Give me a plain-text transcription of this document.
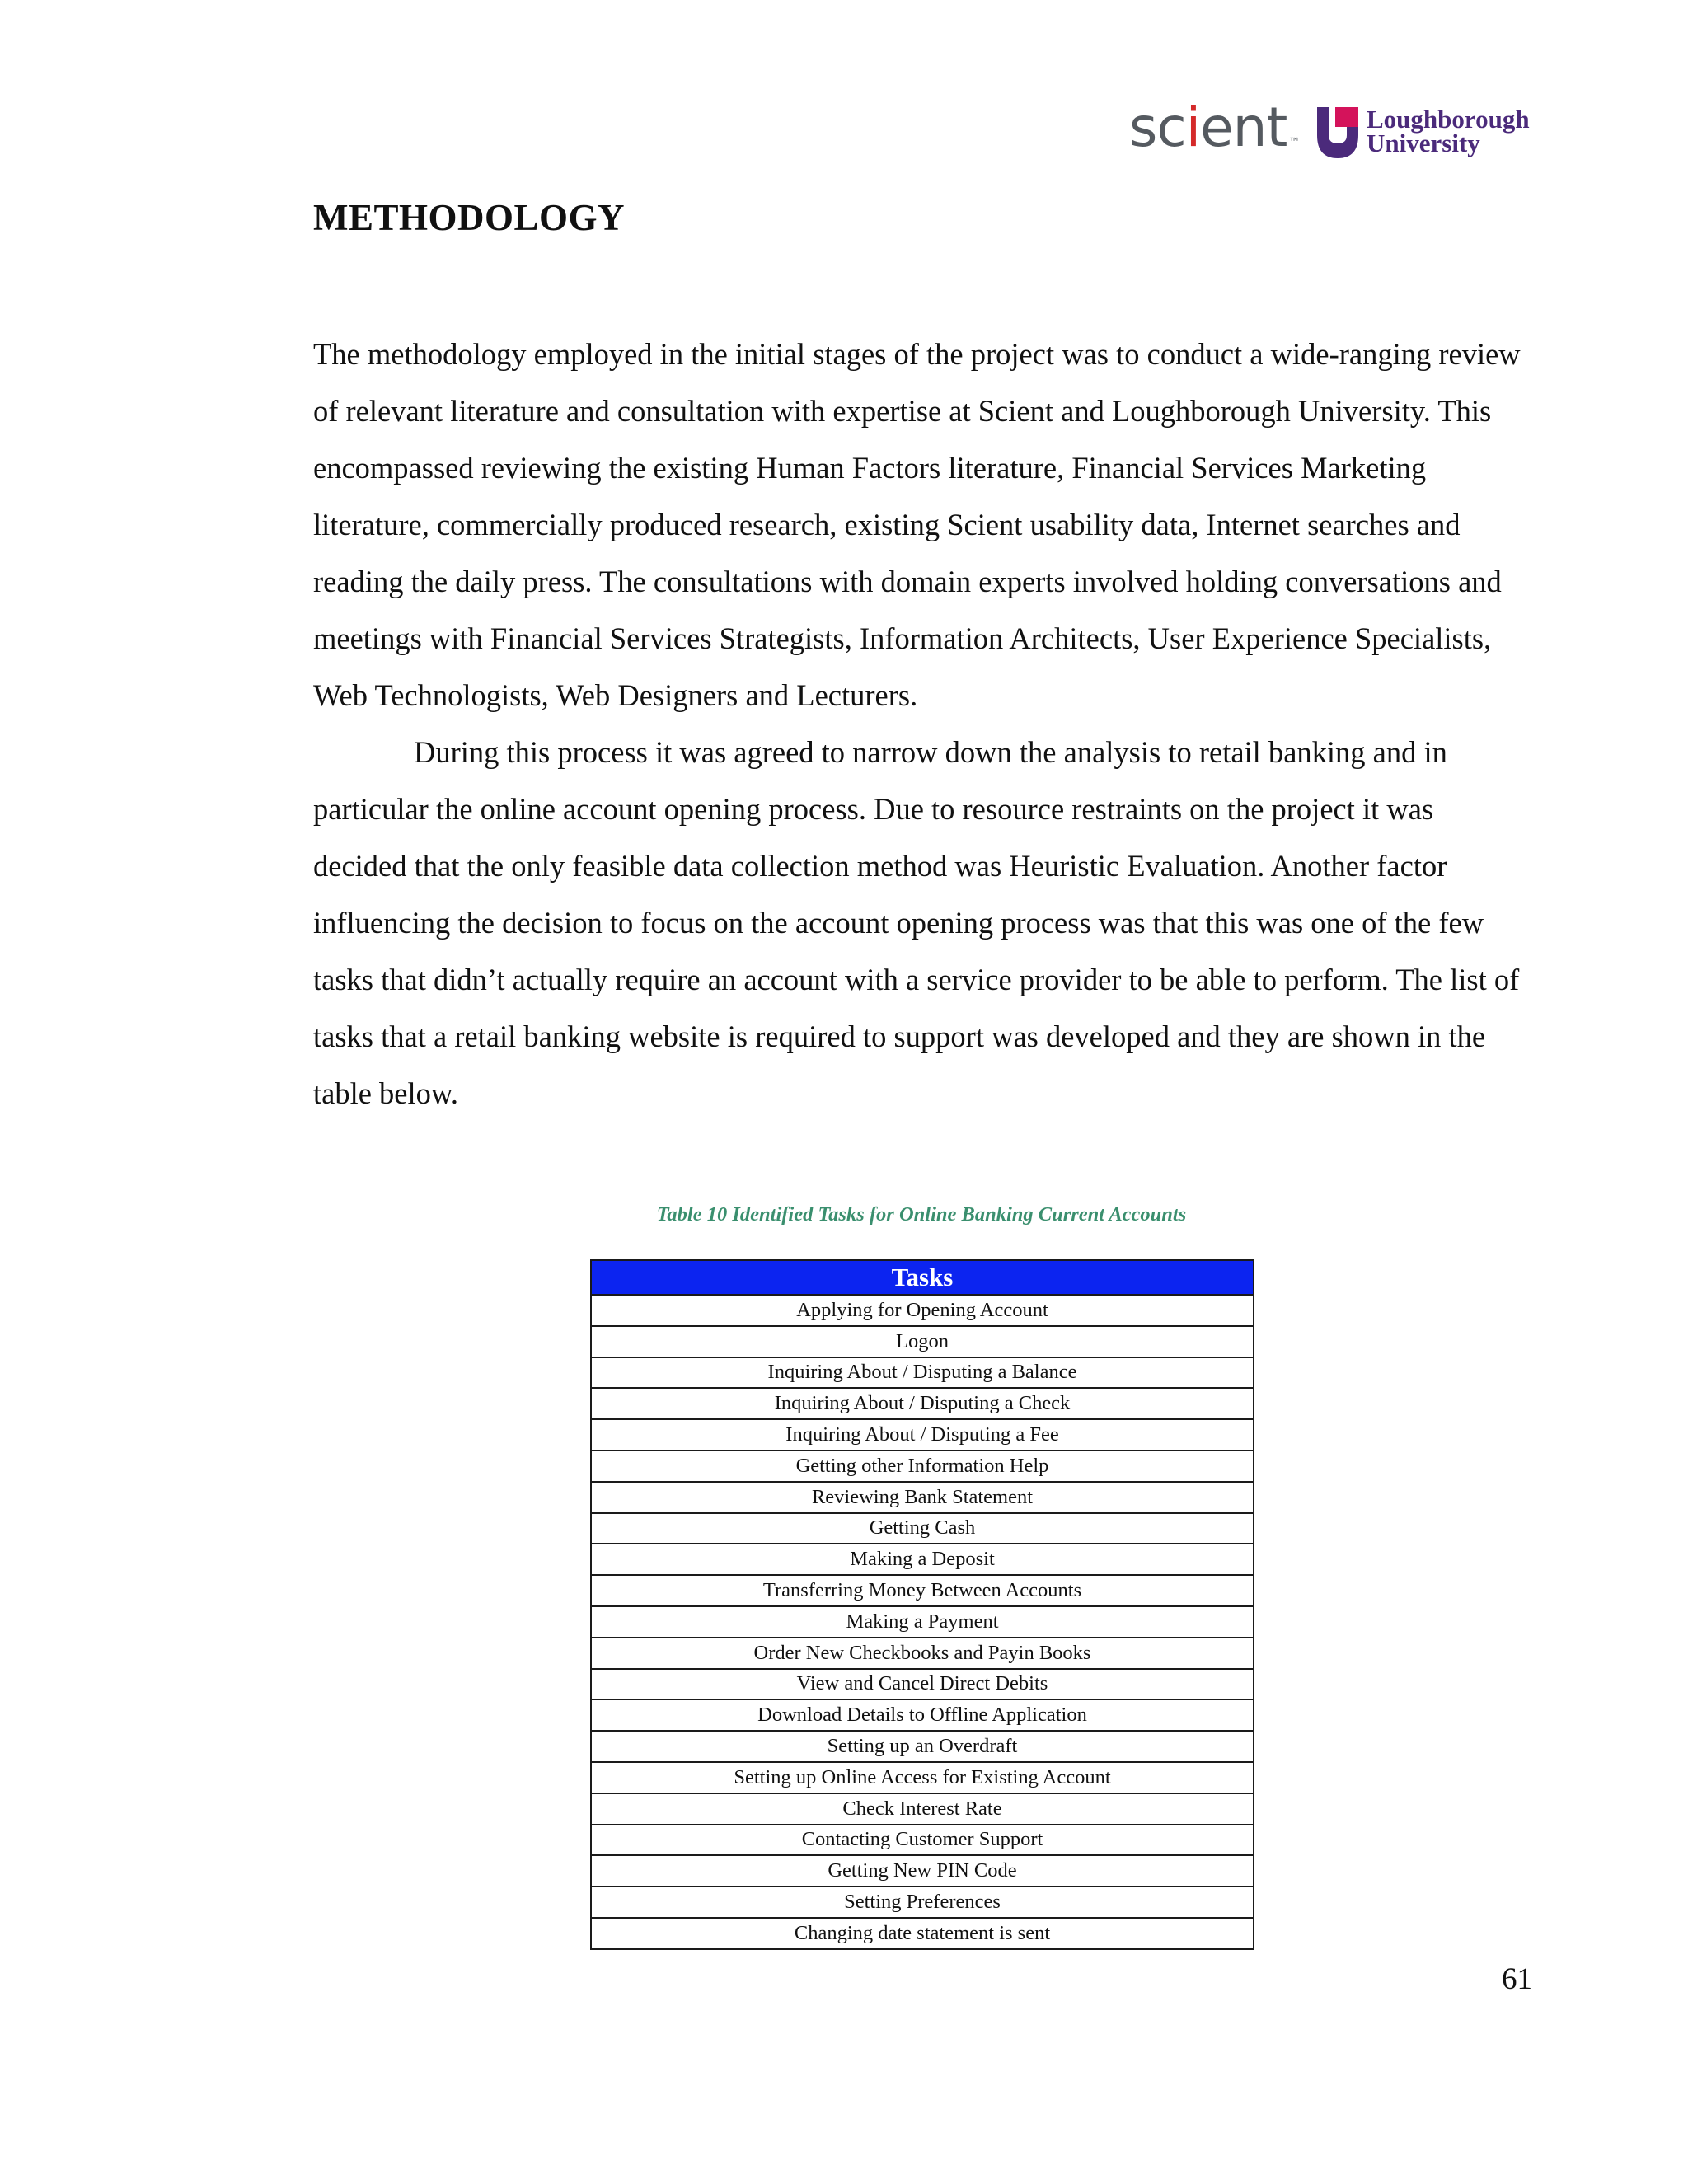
scient ™
Loughborough
University
METHODOLOGY

The methodology employed in the initial stages of the project was to conduct a wide-ranging review of relevant literature and consultation with expertise at Scient and Loughborough University. This encompassed reviewing the existing Human Factors literature, Financial Services Marketing literature, commercially produced research, existing Scient usability data, Internet searches and reading the daily press. The consultations with domain experts involved holding conversations and meetings with Financial Services Strategists, Information Architects, User Experience Specialists, Web Technologists, Web Designers and Lecturers.

During this process it was agreed to narrow down the analysis to retail banking and in particular the online account opening process. Due to resource restraints on the project it was decided that the only feasible data collection method was Heuristic Evaluation. Another factor influencing the decision to focus on the account opening process was that this was one of the few tasks that didn’t actually require an account with a service provider to be able to perform. The list of tasks that a retail banking website is required to support was developed and they are shown in the table below.

Table 10 Identified Tasks for Online Banking Current Accounts
Tasks
Applying for Opening Account
Logon
Inquiring About / Disputing a Balance
Inquiring About / Disputing a Check
Inquiring About / Disputing a Fee
Getting other Information Help
Reviewing Bank Statement
Getting Cash
Making a Deposit
Transferring Money Between Accounts
Making a Payment
Order New Checkbooks and Payin Books
View and Cancel Direct Debits
Download Details to Offline Application
Setting up an Overdraft
Setting up Online Access for Existing Account
Check Interest Rate
Contacting Customer Support
Getting New PIN Code
Setting Preferences
Changing date statement is sent
61
